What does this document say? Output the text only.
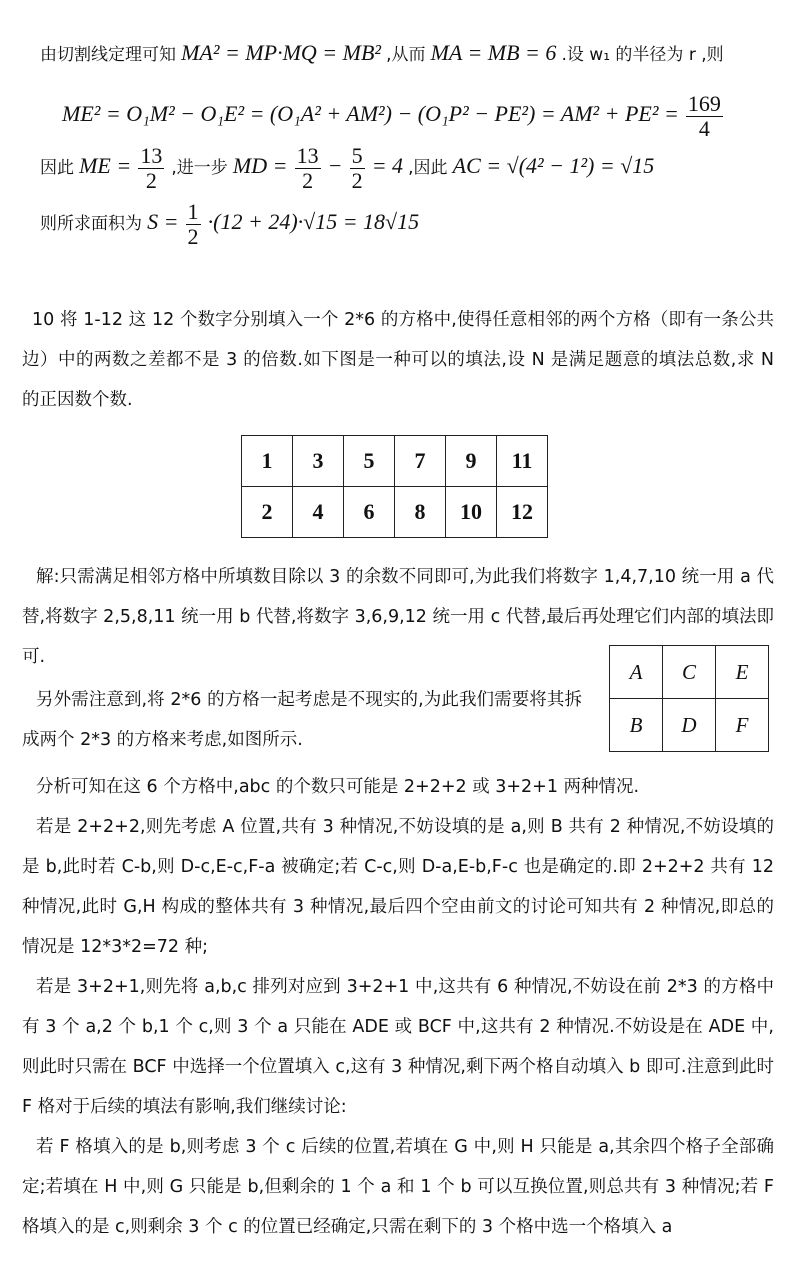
由切割线定理可知 MA² = MP·MQ = MB² ,从而 MA = MB = 6 .设 w₁ 的半径为 r ,则
$ME^2 = O_1M^2 - O_1E^2 = (O_1A^2 + AM^2) - (O_1P^2 - PE^2) = AM^2 + PE^2 = \frac{169}{4}$
因此 ME = $\frac{13}{2}$ ,进一步 MD = $\frac{13}{2} - \frac{5}{2} = 4$ ,因此 AC = √(4² − 1²) = √15
则所求面积为 $S = \frac{1}{2} \cdot(12 + 24)\cdot√15 = 18√15$
10 将 1-12 这 12 个数字分别填入一个 2*6 的方格中,使得任意相邻的两个方格（即有一条公共边）中的两数之差都不是 3 的倍数.如下图是一种可以的填法,设 N 是满足题意的填法总数,求 N 的正因数个数.
1	3	5	7	9	11
2	4	6	8	10	12
解:只需满足相邻方格中所填数目除以 3 的余数不同即可,为此我们将数字 1,4,7,10 统一用 a 代替,将数字 2,5,8,11 统一用 b 代替,将数字 3,6,9,12 统一用 c 代替,最后再处理它们内部的填法即可.
A	C	E
B	D	F
另外需注意到,将 2*6 的方格一起考虑是不现实的,为此我们需要将其拆成两个 2*3 的方格来考虑,如图所示.
分析可知在这 6 个方格中,abc 的个数只可能是 2+2+2 或 3+2+1 两种情况.
若是 2+2+2,则先考虑 A 位置,共有 3 种情况,不妨设填的是 a,则 B 共有 2 种情况,不妨设填的是 b,此时若 C-b,则 D-c,E-c,F-a 被确定;若 C-c,则 D-a,E-b,F-c 也是确定的.即 2+2+2 共有 12 种情况,此时 G,H 构成的整体共有 3 种情况,最后四个空由前文的讨论可知共有 2 种情况,即总的情况是 12*3*2=72 种;
若是 3+2+1,则先将 a,b,c 排列对应到 3+2+1 中,这共有 6 种情况,不妨设在前 2*3 的方格中有 3 个 a,2 个 b,1 个 c,则 3 个 a 只能在 ADE 或 BCF 中,这共有 2 种情况.不妨设是在 ADE 中,则此时只需在 BCF 中选择一个位置填入 c,这有 3 种情况,剩下两个格自动填入 b 即可.注意到此时 F 格对于后续的填法有影响,我们继续讨论:
若 F 格填入的是 b,则考虑 3 个 c 后续的位置,若填在 G 中,则 H 只能是 a,其余四个格子全部确定;若填在 H 中,则 G 只能是 b,但剩余的 1 个 a 和 1 个 b 可以互换位置,则总共有 3 种情况;若 F 格填入的是 c,则剩余 3 个 c 的位置已经确定,只需在剩下的 3 个格中选一个格填入 a
